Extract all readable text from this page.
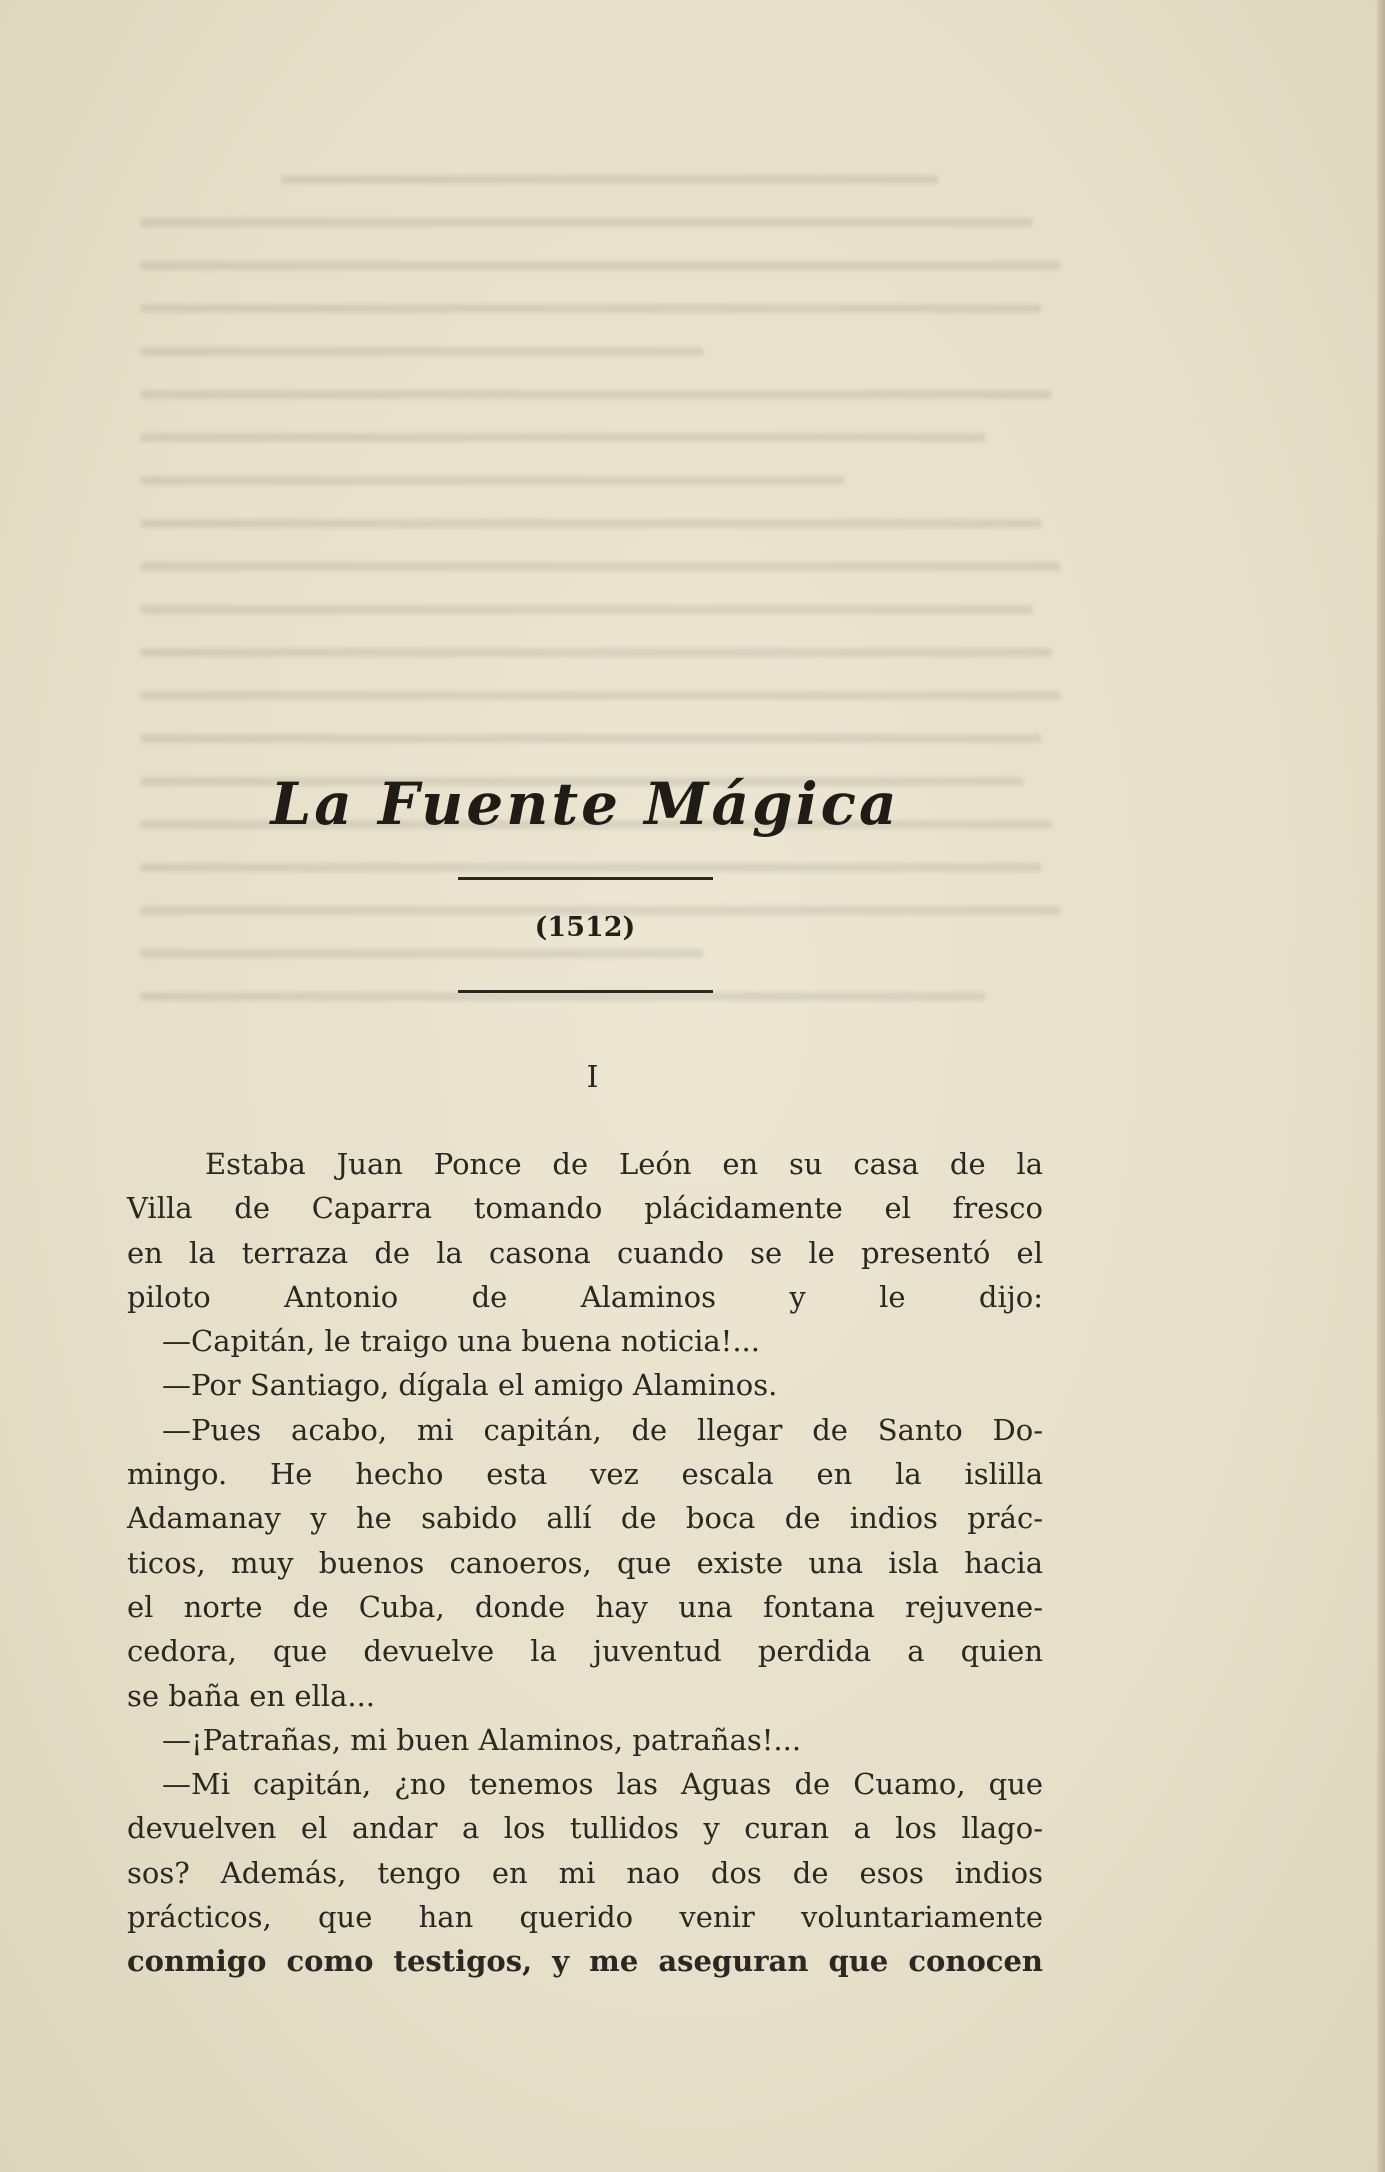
La Fuente Mágica
(1512)
I
Estaba Juan Ponce de León en su casa de la
Villa de Caparra tomando plácidamente el fresco
en la terraza de la casona cuando se le presentó el
piloto Antonio de Alaminos y le dijo:
—Capitán, le traigo una buena noticia!...
—Por Santiago, dígala el amigo Alaminos.
—Pues acabo, mi capitán, de llegar de Santo Do-
mingo. He hecho esta vez escala en la islilla
Adamanay y he sabido allí de boca de indios prác-
ticos, muy buenos canoeros, que existe una isla hacia
el norte de Cuba, donde hay una fontana rejuvene-
cedora, que devuelve la juventud perdida a quien
se baña en ella...
—¡Patrañas, mi buen Alaminos, patrañas!...
—Mi capitán, ¿no tenemos las Aguas de Cuamo, que
devuelven el andar a los tullidos y curan a los llago-
sos? Además, tengo en mi nao dos de esos indios
prácticos, que han querido venir voluntariamente
conmigo como testigos, y me aseguran que conocen
